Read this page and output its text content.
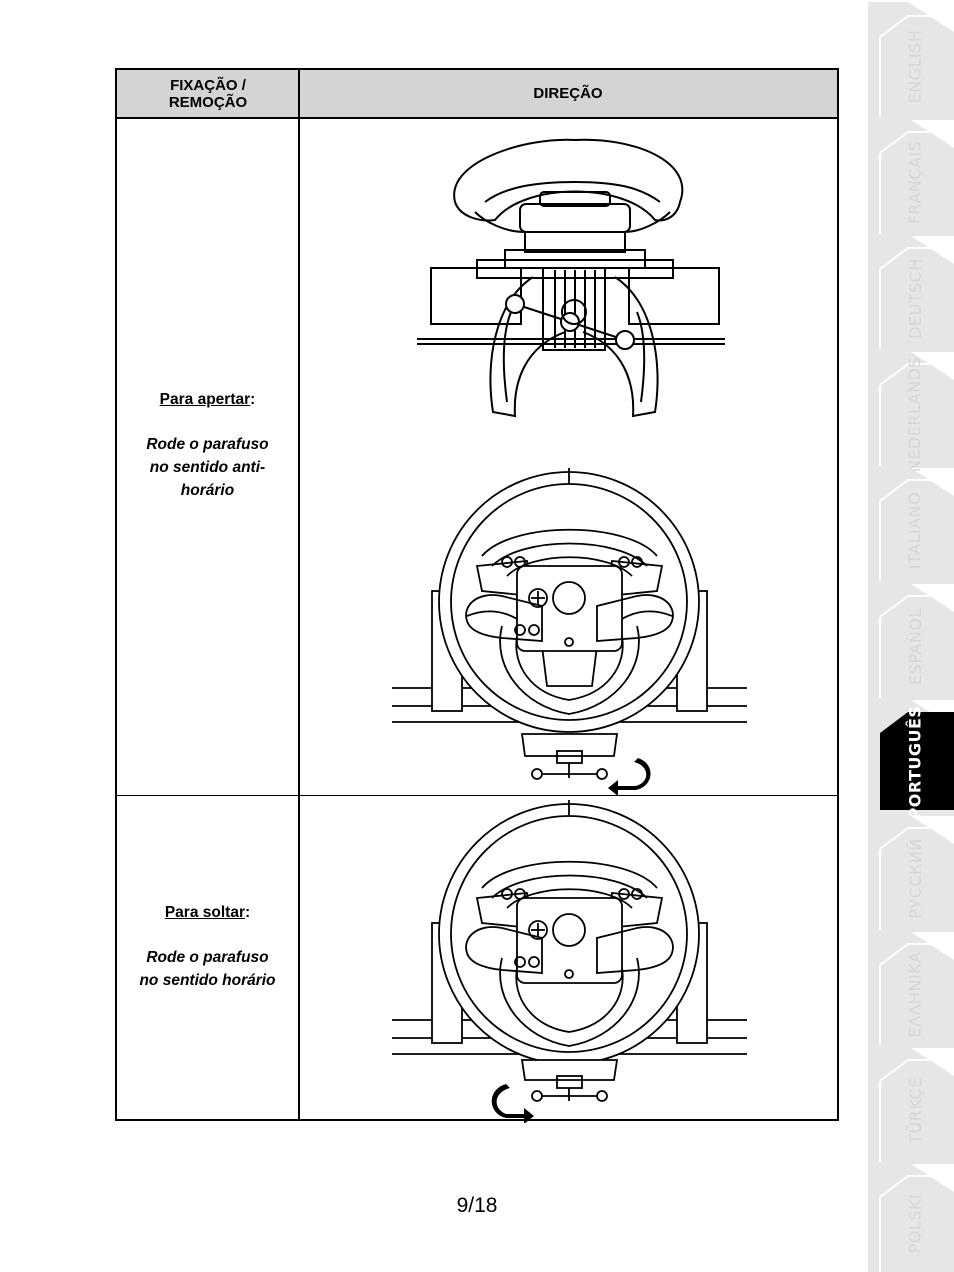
FIXAÇÃO /
REMOÇÃO	DIREÇÃO
Para apertar:
Rode o parafuso no sentido anti-horário
Para soltar:
Rode o parafuso no sentido horário
9/18
ENGLISH
FRANÇAIS
DEUTSCH
NEDERLANDS
ITALIANO
ESPAÑOL
PORTUGUÊS
РУССКИЙ
ΕΛΛΗΝΙΚΑ
TÜRKÇE
POLSKI
